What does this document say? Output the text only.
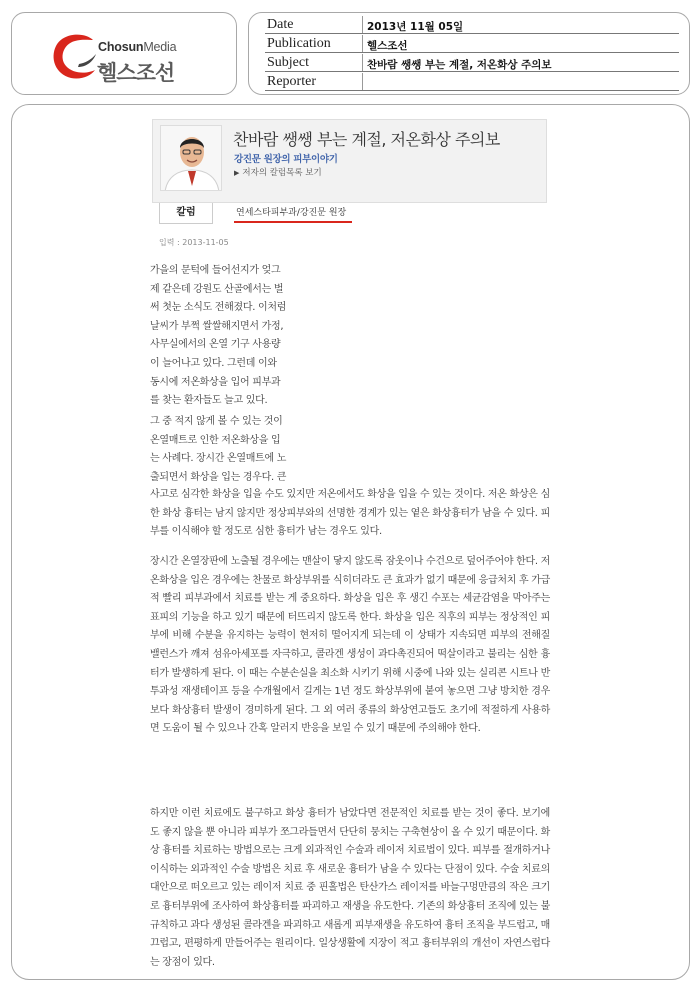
ChosunMedia
헬스조선
Date	2013년 11월 05일
Publication	헬스조선
Subject	찬바람 쌩쌩 부는 계절, 저온화상 주의보
Reporter
찬바람 쌩쌩 부는 계절, 저온화상 주의보
강진문 원장의 피부이야기
▶ 저자의 칼럼목록 보기
칼럼	연세스타피부과/강진문 원장
입력 : 2013-11-05
가을의 문턱에 들어선지가 엊그
제 같은데 강원도 산골에서는 벌
써 첫눈 소식도 전해졌다. 이처럼
날씨가 부쩍 쌀쌀해지면서 가정,
사무실에서의 온열 기구 사용량
이 늘어나고 있다. 그런데 이와
동시에 저온화상을 입어 피부과
를 찾는 환자들도 늘고 있다.
그 중 적지 않게 볼 수 있는 것이
온열매트로 인한 저온화상을 입
는 사례다. 장시간 온열매트에 노
출되면서 화상을 입는 경우다. 큰
사고로 심각한 화상을 입을 수도 있지만 저온에서도 화상을 입을 수 있는 것이다. 저온 화상은 심한 화상 흉터는 남지 않지만 정상피부와의 선명한 경계가 있는 옅은 화상흉터가 남을 수 있다. 피부를 이식해야 할 정도로 심한 흉터가 남는 경우도 있다.
장시간 온열장판에 노출될 경우에는 맨살이 닿지 않도록 잠옷이나 수건으로 덮어주어야 한다. 저온화상을 입은 경우에는 찬물로 화상부위를 식히더라도 큰 효과가 없기 때문에 응급처치 후 가급적 빨리 피부과에서 치료를 받는 게 중요하다. 화상을 입은 후 생긴 수포는 세균감염을 막아주는 표피의 기능을 하고 있기 때문에 터뜨리지 않도록 한다. 화상을 입은 직후의 피부는 정상적인 피부에 비해 수분을 유지하는 능력이 현저히 떨어지게 되는데 이 상태가 지속되면 피부의 전해질 밸런스가 깨져 섬유아세포를 자극하고, 콜라겐 생성이 과다촉진되어 떡살이라고 불리는 심한 흉터가 발생하게 된다. 이 때는 수분손실을 최소화 시키기 위해 시중에 나와 있는 실리콘 시트나 반투과성 재생테이프 등을 수개월에서 길게는 1년 정도 화상부위에 붙여 놓으면 그냥 방치한 경우보다 화상흉터 발생이 경미하게 된다. 그 외 여러 종류의 화상연고들도 초기에 적절하게 사용하면 도움이 될 수 있으나 간혹 알러지 반응을 보일 수 있기 때문에 주의해야 한다.
하지만 이런 치료에도 불구하고 화상 흉터가 남았다면 전문적인 치료를 받는 것이 좋다. 보기에도 좋지 않을 뿐 아니라 피부가 쪼그라들면서 단단히 뭉치는 구축현상이 올 수 있기 때문이다. 화상 흉터를 치료하는 방법으로는 크게 외과적인 수술과 레이저 치료법이 있다. 피부를 절개하거나 이식하는 외과적인 수술 방법은 치료 후 새로운 흉터가 남을 수 있다는 단점이 있다. 수술 치료의 대안으로 떠오르고 있는 레이저 치료 중 핀홀법은 탄산가스 레이저를 바늘구멍만큼의 작은 크기로 흉터부위에 조사하여 화상흉터를 파괴하고 재생을 유도한다. 기존의 화상흉터 조직에 있는 불규칙하고 과다 생성된 콜라겐을 파괴하고 새롭게 피부재생을 유도하여 흉터 조직을 부드럽고, 매끄럽고, 편평하게 만들어주는 원리이다. 일상생활에 지장이 적고 흉터부위의 개선이 자연스럽다는 장점이 있다.
